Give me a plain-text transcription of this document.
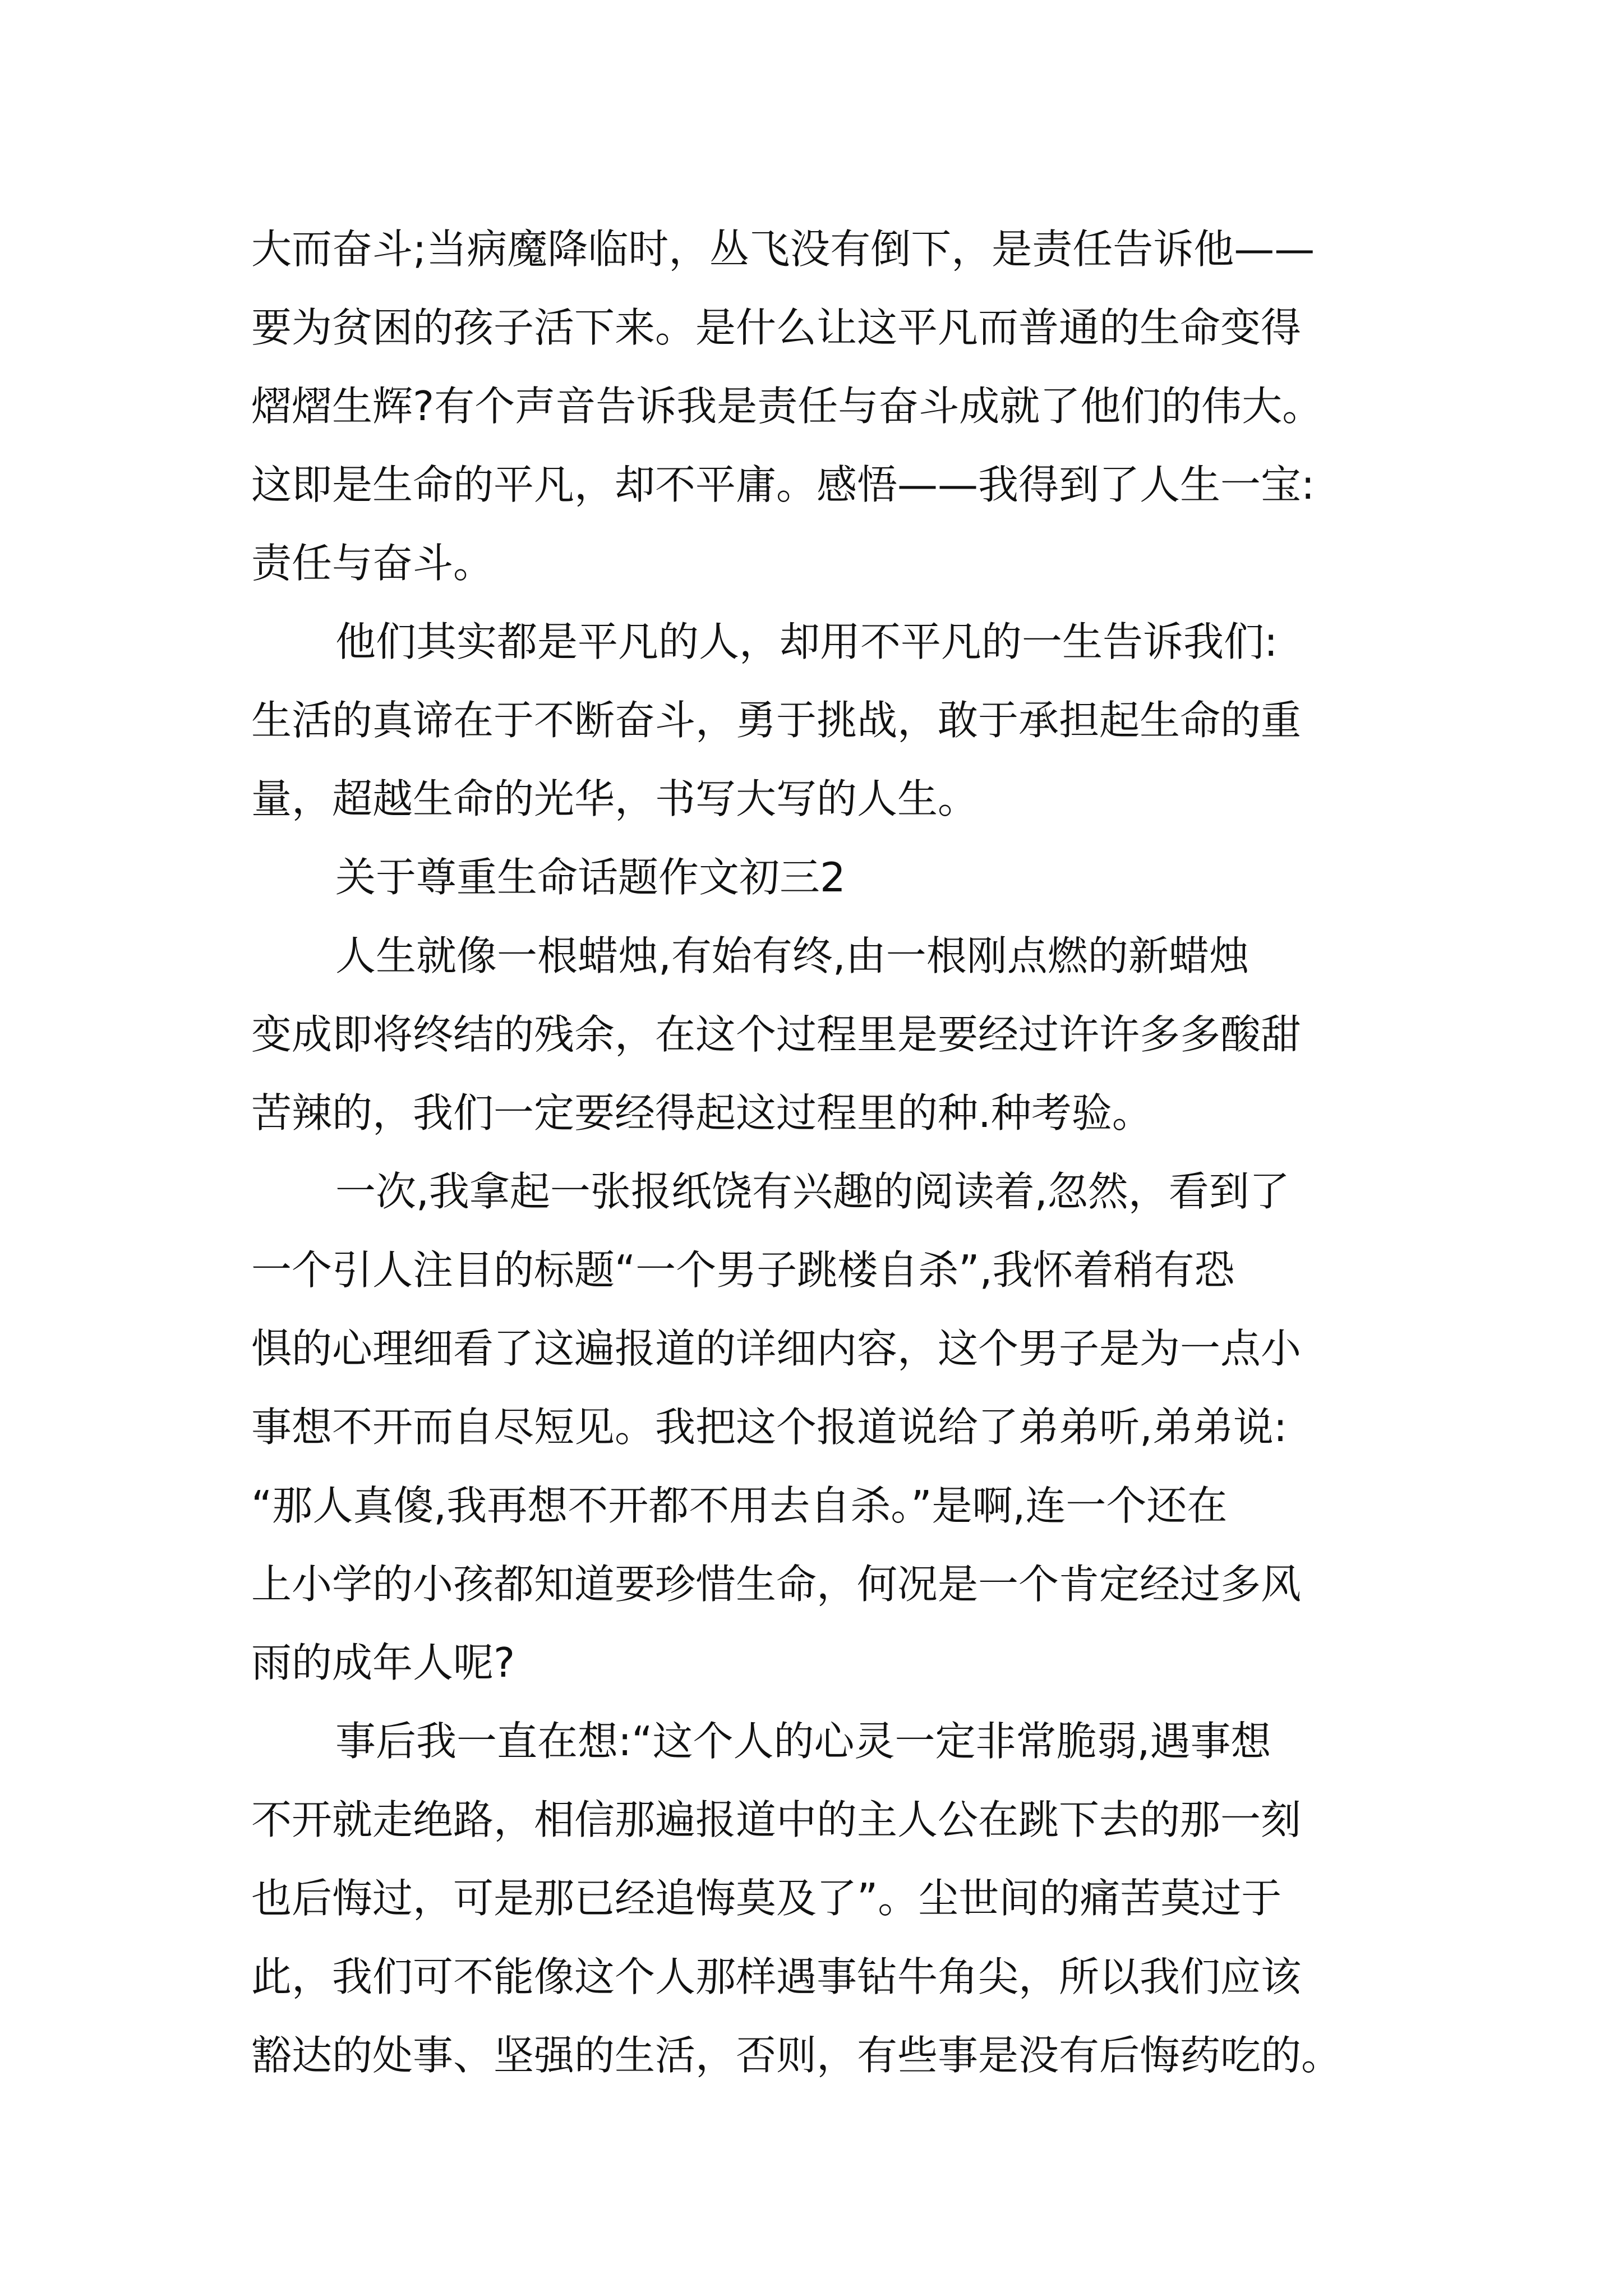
大而奋斗;当病魔降临时，丛飞没有倒下，是责任告诉他——

要为贫困的孩子活下来。是什么让这平凡而普通的生命变得

熠熠生辉?有个声音告诉我是责任与奋斗成就了他们的伟大。

这即是生命的平凡，却不平庸。感悟——我得到了人生一宝:

责任与奋斗。

他们其实都是平凡的人，却用不平凡的一生告诉我们:

生活的真谛在于不断奋斗，勇于挑战，敢于承担起生命的重

量，超越生命的光华，书写大写的人生。

关于尊重生命话题作文初三2

人生就像一根蜡烛,有始有终,由一根刚点燃的新蜡烛

变成即将终结的残余，在这个过程里是要经过许许多多酸甜

苦辣的，我们一定要经得起这过程里的种.种考验。

一次,我拿起一张报纸饶有兴趣的阅读着,忽然，看到了

一个引人注目的标题“一个男子跳楼自杀”,我怀着稍有恐

惧的心理细看了这遍报道的详细内容，这个男子是为一点小

事想不开而自尽短见。我把这个报道说给了弟弟听,弟弟说:

“那人真傻,我再想不开都不用去自杀。”是啊,连一个还在

上小学的小孩都知道要珍惜生命，何况是一个肯定经过多风

雨的成年人呢?

事后我一直在想:“这个人的心灵一定非常脆弱,遇事想

不开就走绝路，相信那遍报道中的主人公在跳下去的那一刻

也后悔过，可是那已经追悔莫及了”。尘世间的痛苦莫过于

此，我们可不能像这个人那样遇事钻牛角尖，所以我们应该

豁达的处事、坚强的生活，否则，有些事是没有后悔药吃的。
